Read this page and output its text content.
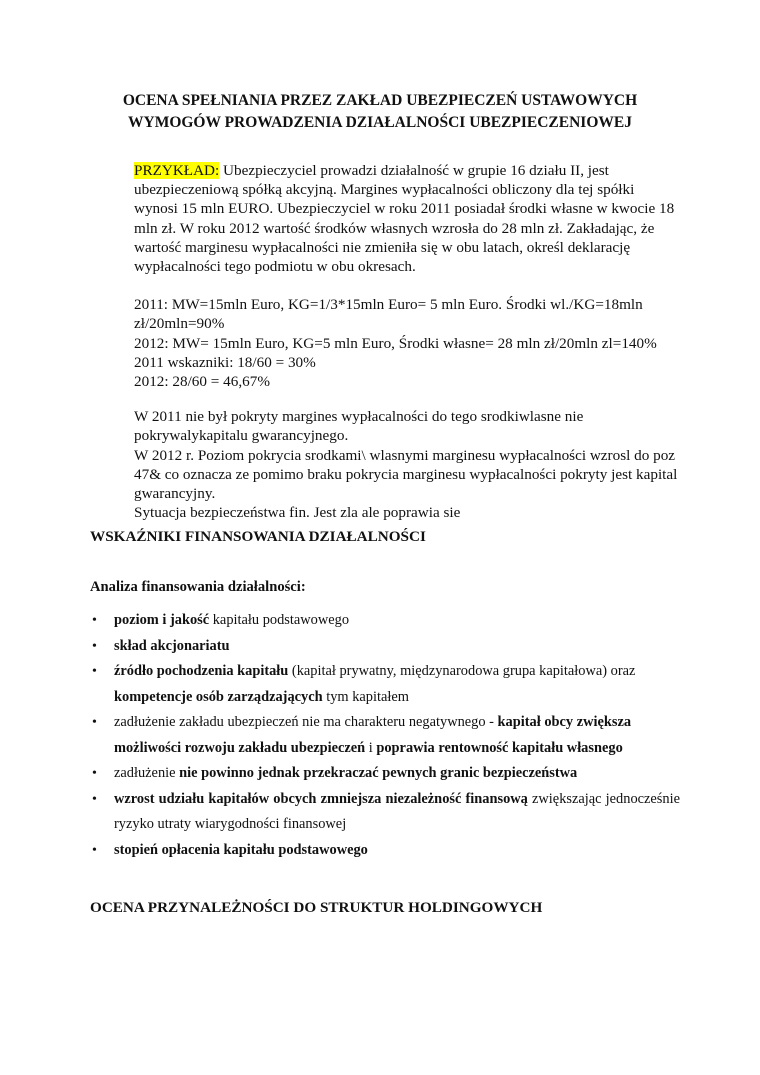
OCENA SPEŁNIANIA PRZEZ ZAKŁAD UBEZPIECZEŃ USTAWOWYCH
WYMOGÓW PROWADZENIA DZIAŁALNOŚCI UBEZPIECZENIOWEJ

PRZYKŁAD: Ubezpieczyciel prowadzi działalność w grupie 16 działu II, jest ubezpieczeniową spółką akcyjną. Margines wypłacalności obliczony dla tej spółki wynosi 15 mln EURO. Ubezpieczyciel w roku 2011 posiadał środki własne w kwocie 18 mln zł. W roku 2012 wartość środków własnych wzrosła do 28 mln zł. Zakładając, że wartość marginesu wypłacalności nie zmieniła się w obu latach, określ deklarację wypłacalności tego podmiotu w obu okresach.

2011: MW=15mln Euro, KG=1/3*15mln Euro= 5 mln Euro. Środki wl./KG=18mln zł/20mln=90%

2012: MW= 15mln Euro, KG=5 mln Euro, Środki własne= 28 mln zł/20mln zl=140%

2011 wskazniki: 18/60 = 30%

2012: 28/60 = 46,67%

W 2011 nie był pokryty margines wypłacalności do tego srodkiwlasne nie pokrywalykapitalu gwarancyjnego.

W 2012 r. Poziom pokrycia srodkami\ wlasnymi marginesu wypłacalności wzrosl do poz 47& co oznacza ze pomimo braku pokrycia marginesu wypłacalności pokryty jest kapital gwarancyjny.

Sytuacja bezpieczeństwa fin. Jest zla ale poprawia sie

WSKAŹNIKI FINANSOWANIA DZIAŁALNOŚCI
Analiza finansowania działalności:
• poziom i jakość kapitału podstawowego
• skład akcjonariatu
• źródło pochodzenia kapitału (kapitał prywatny, międzynarodowa grupa kapitałowa) oraz kompetencje osób zarządzających tym kapitałem
• zadłużenie zakładu ubezpieczeń nie ma charakteru negatywnego - kapitał obcy zwiększa możliwości rozwoju zakładu ubezpieczeń i poprawia rentowność kapitału własnego
• zadłużenie nie powinno jednak przekraczać pewnych granic bezpieczeństwa
• wzrost udziału kapitałów obcych zmniejsza niezależność finansową zwiększając jednocześnie ryzyko utraty wiarygodności finansowej
• stopień opłacenia kapitału podstawowego
OCENA PRZYNALEŻNOŚCI DO STRUKTUR HOLDINGOWYCH
